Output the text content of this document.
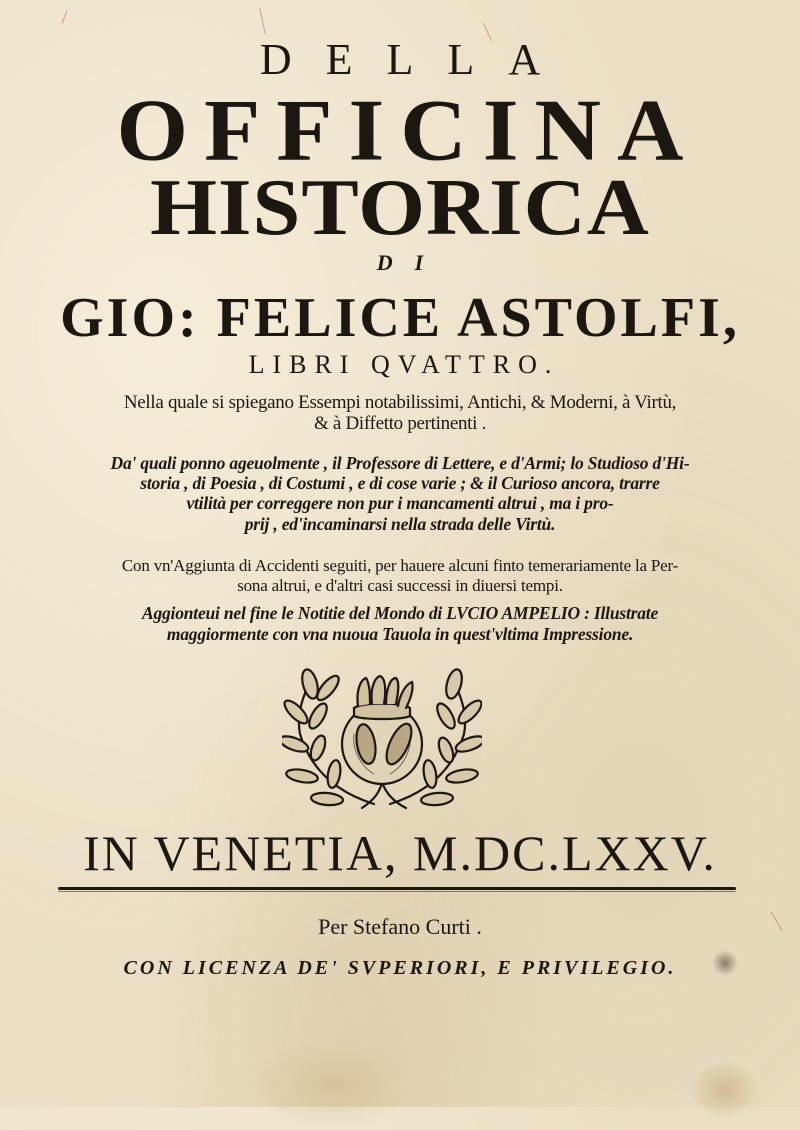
DELLA
OFFICINA
HISTORICA
DI
GIO: FELICE ASTOLFI,
LIBRI QVATTRO.
Nella quale si spiegano Essempi notabilissimi, Antichi, & Moderni, à Virtù,
& à Diffetto pertinenti .
Da' quali ponno ageuolmente , il Professore di Lettere, e d'Armi; lo Studioso d'Hi-
storia , di Poesia , di Costumi , e di cose varie ; & il Curioso ancora, trarre
vtilità per correggere non pur i mancamenti altrui , ma i pro-
prij , ed'incaminarsi nella strada delle Virtù.
Con vn'Aggiunta di Accidenti seguiti, per hauere alcuni finto temerariamente la Per-
sona altrui, e d'altri casi successi in diuersi tempi.
Aggionteui nel fine le Notitie del Mondo di LVCIO AMPELIO : Illustrate
maggiormente con vna nuoua Tauola in quest'vltima Impressione.
IN VENETIA, M.DC.LXXV.
Per Stefano Curti .
CON LICENZA DE' SVPERIORI, E PRIVILEGIO.
